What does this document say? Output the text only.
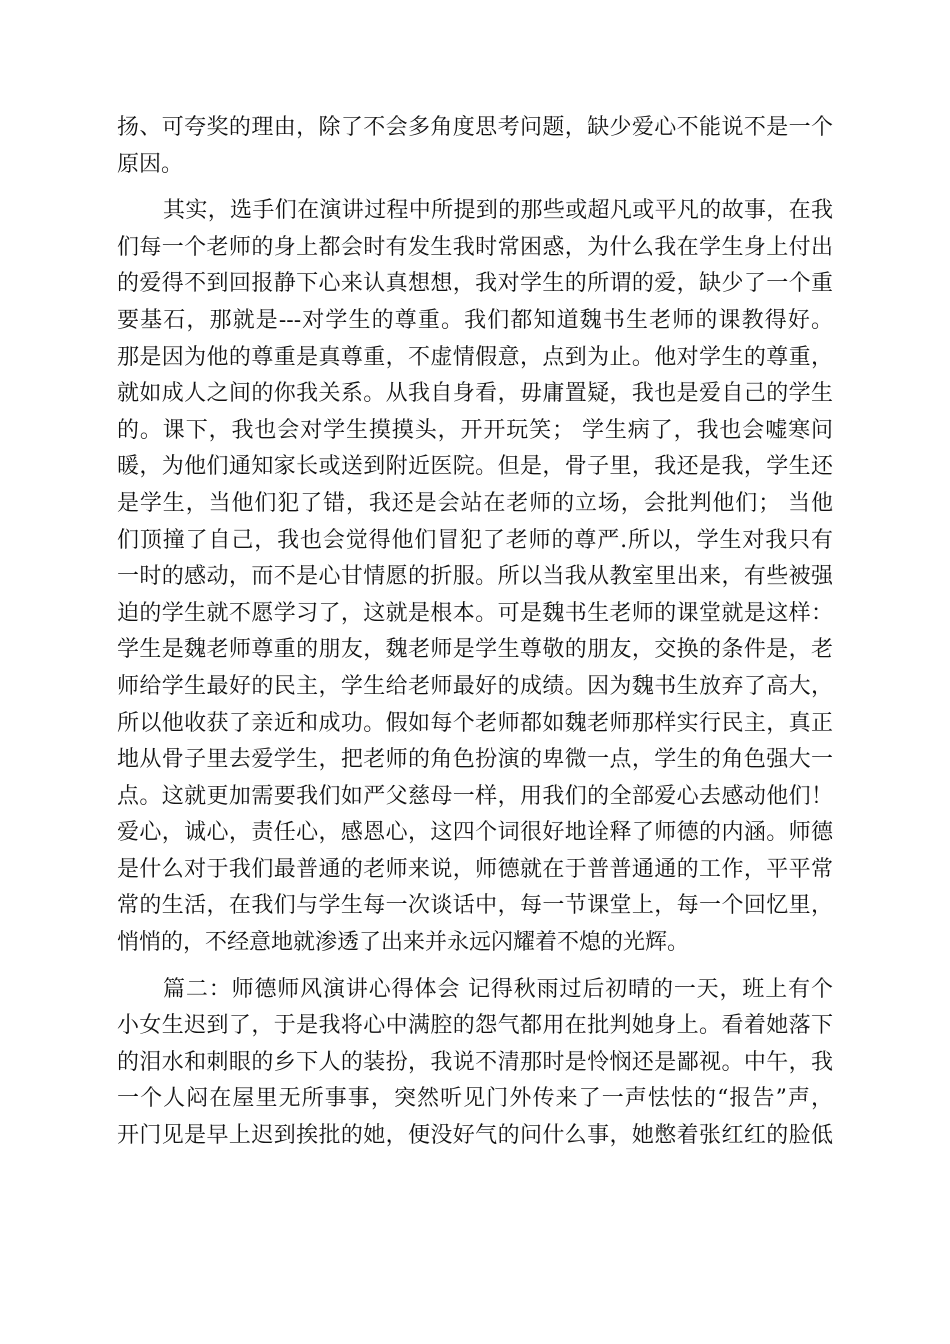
扬、可夸奖的理由，除了不会多角度思考问题，缺少爱心不能说不是一个
原因。
其实，选手们在演讲过程中所提到的那些或超凡或平凡的故事，在我
们每一个老师的身上都会时有发生我时常困惑，为什么我在学生身上付出
的爱得不到回报静下心来认真想想，我对学生的所谓的爱，缺少了一个重
要基石，那就是---对学生的尊重。我们都知道魏书生老师的课教得好。
那是因为他的尊重是真尊重，不虚情假意，点到为止。他对学生的尊重，
就如成人之间的你我关系。从我自身看，毋庸置疑，我也是爱自己的学生
的。课下，我也会对学生摸摸头，开开玩笑； 学生病了，我也会嘘寒问
暖，为他们通知家长或送到附近医院。但是，骨子里，我还是我，学生还
是学生，当他们犯了错，我还是会站在老师的立场，会批判他们； 当他
们顶撞了自己，我也会觉得他们冒犯了老师的尊严.所以，学生对我只有
一时的感动，而不是心甘情愿的折服。所以当我从教室里出来，有些被强
迫的学生就不愿学习了，这就是根本。可是魏书生老师的课堂就是这样：
学生是魏老师尊重的朋友，魏老师是学生尊敬的朋友，交换的条件是，老
师给学生最好的民主，学生给老师最好的成绩。因为魏书生放弃了高大，
所以他收获了亲近和成功。假如每个老师都如魏老师那样实行民主，真正
地从骨子里去爱学生，把老师的角色扮演的卑微一点，学生的角色强大一
点。这就更加需要我们如严父慈母一样，用我们的全部爱心去感动他们！
爱心，诚心，责任心，感恩心，这四个词很好地诠释了师德的内涵。师德
是什么对于我们最普通的老师来说，师德就在于普普通通的工作，平平常
常的生活，在我们与学生每一次谈话中，每一节课堂上，每一个回忆里，
悄悄的，不经意地就渗透了出来并永远闪耀着不熄的光辉。
篇二：师德师风演讲心得体会 记得秋雨过后初晴的一天，班上有个
小女生迟到了，于是我将心中满腔的怨气都用在批判她身上。看着她落下
的泪水和刺眼的乡下人的装扮，我说不清那时是怜悯还是鄙视。中午，我
一个人闷在屋里无所事事，突然听见门外传来了一声怯怯的“报告”声，
开门见是早上迟到挨批的她，便没好气的问什么事，她憋着张红红的脸低
